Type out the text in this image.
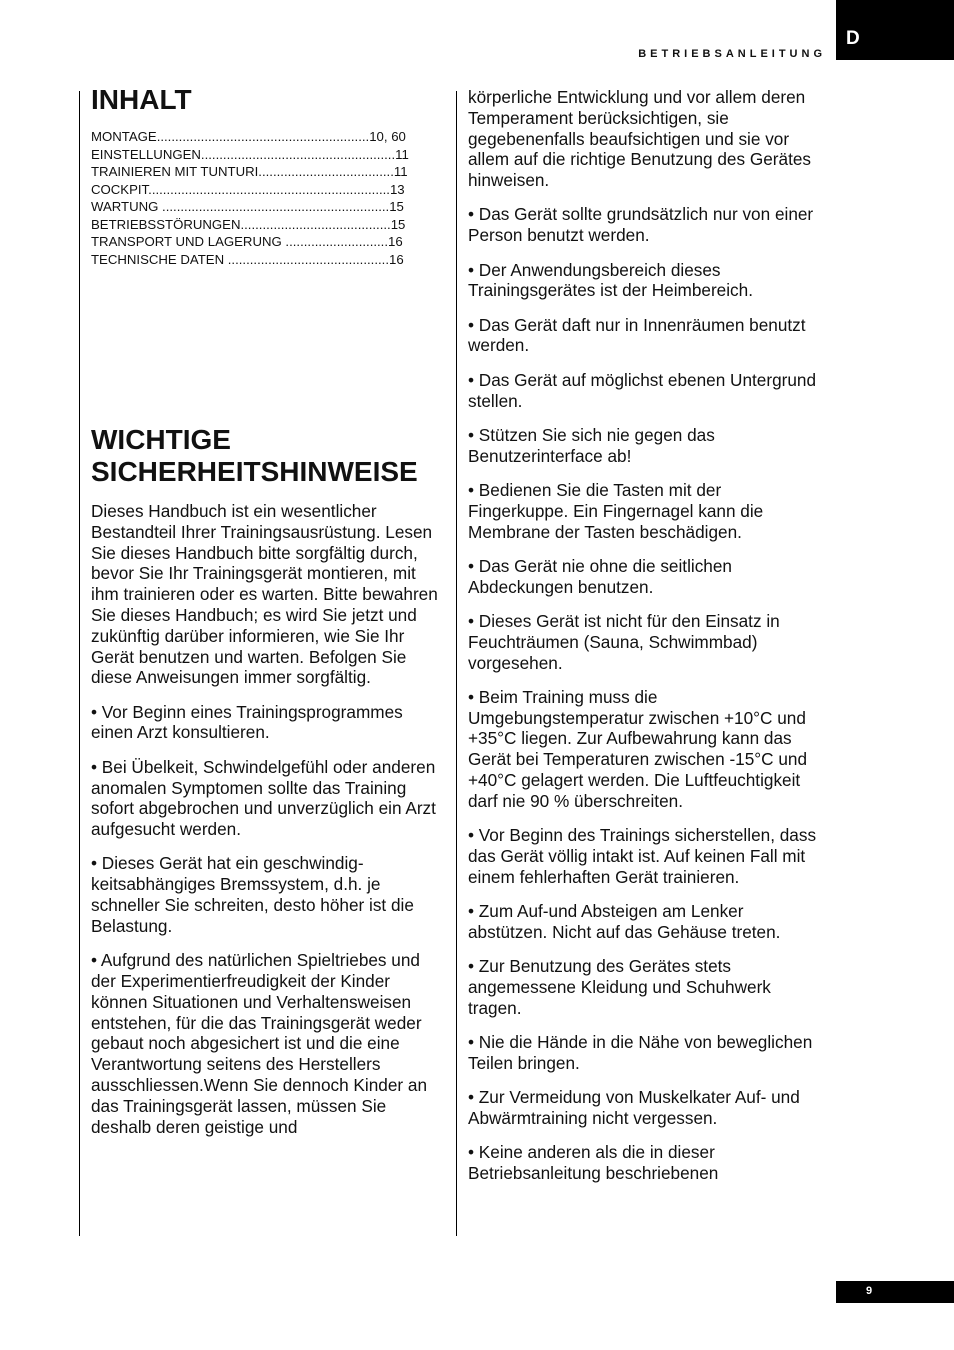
BETRIEBSANLEITUNG
D
INHALT
MONTAGE..........................................................10, 60
EINSTELLUNGEN.....................................................11
TRAINIEREN MIT TUNTURI.....................................11
COCKPIT..................................................................13
WARTUNG ..............................................................15
BETRIEBSSTÖRUNGEN.........................................15
TRANSPORT UND LAGERUNG ............................16
TECHNISCHE DATEN ............................................16
WICHTIGE
SICHERHEITSHINWEISE

Dieses Handbuch ist ein wesentlicher Bestandteil Ihrer Trainingsausrüstung. Lesen Sie dieses Handbuch bitte sorgfältig durch, bevor Sie Ihr Trainingsgerät montieren, mit ihm trainieren oder es warten. Bitte bewahren Sie dieses Handbuch; es wird Sie jetzt und zukünftig darüber informieren, wie Sie Ihr Gerät benutzen und warten. Befolgen Sie diese Anweisungen immer sorgfältig.

• Vor Beginn eines Trainingsprogrammes einen Arzt konsultieren.

• Bei Übelkeit, Schwindelgefühl oder anderen anomalen Symptomen sollte das Training sofort abgebrochen und unverzüglich ein Arzt aufgesucht werden.

• Dieses Gerät hat ein geschwindig-keitsabhängiges Bremssystem, d.h. je schneller Sie schreiten, desto höher ist die Belastung.

• Aufgrund des natürlichen Spieltriebes und der Experimentierfreudigkeit der Kinder können Situationen und Verhaltensweisen entstehen, für die das Trainingsgerät weder gebaut noch abgesichert ist und die eine Verantwortung seitens des Herstellers ausschliessen.Wenn Sie dennoch Kinder an das Trainingsgerät lassen, müssen Sie deshalb deren geistige und

körperliche Entwicklung und vor allem deren Temperament berücksichtigen, sie gegebenenfalls beaufsichtigen und sie vor allem auf die richtige Benutzung des Gerätes hinweisen.

• Das Gerät sollte grundsätzlich nur von einer Person benutzt werden.

• Der Anwendungsbereich dieses Trainingsgerätes ist der Heimbereich.

• Das Gerät daft nur in Innenräumen benutzt werden.

• Das Gerät auf möglichst ebenen Untergrund stellen.

• Stützen Sie sich nie gegen das Benutzerinterface ab!

• Bedienen Sie die Tasten mit der Fingerkuppe. Ein Fingernagel kann die Membrane der Tasten beschädigen.

• Das Gerät nie ohne die seitlichen Abdeckungen benutzen.

• Dieses Gerät ist nicht für den Einsatz in Feuchträumen (Sauna, Schwimmbad) vorgesehen.

• Beim Training muss die Umgebungstemperatur zwischen +10°C und +35°C liegen. Zur Aufbewahrung kann das Gerät bei Temperaturen zwischen -15°C und +40°C gelagert werden. Die Luftfeuchtigkeit darf nie 90 % überschreiten.

• Vor Beginn des Trainings sicherstellen, dass das Gerät völlig intakt ist. Auf keinen Fall mit einem fehlerhaften Gerät trainieren.

• Zum Auf-und Absteigen am Lenker abstützen. Nicht auf das Gehäuse treten.

• Zur Benutzung des Gerätes stets angemessene Kleidung und Schuhwerk tragen.

• Nie die Hände in die Nähe von beweglichen Teilen bringen.

• Zur Vermeidung von Muskelkater Auf- und Abwärmtraining nicht vergessen.

• Keine anderen als die in dieser Betriebsanleitung beschriebenen

9
